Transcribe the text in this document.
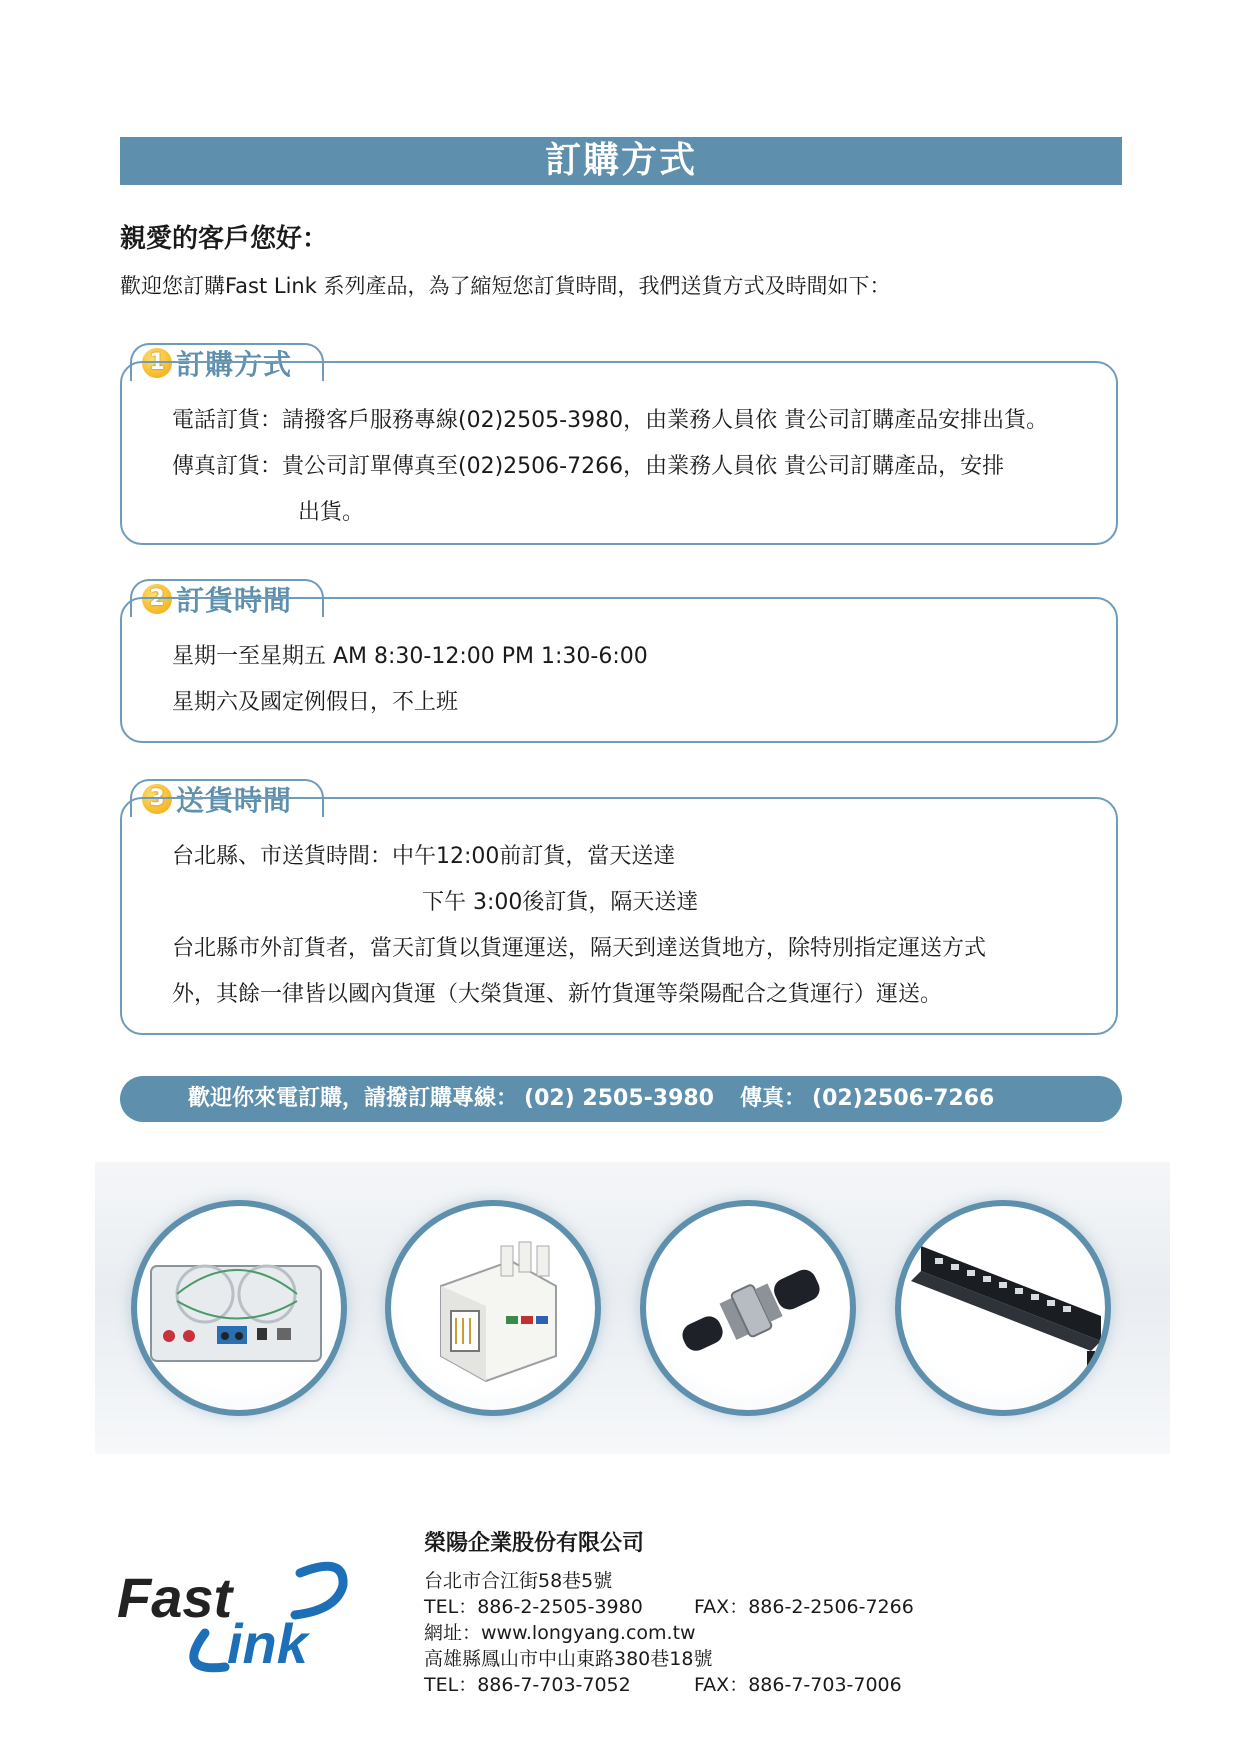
訂購方式
親愛的客戶您好：
歡迎您訂購Fast Link 系列產品，為了縮短您訂貨時間，我們送貨方式及時間如下：
1 訂購方式
電話訂貨：請撥客戶服務專線(02)2505-3980，由業務人員依 貴公司訂購產品安排出貨。
傳真訂貨：貴公司訂單傳真至(02)2506-7266，由業務人員依 貴公司訂購產品，安排
出貨。
2 訂貨時間
星期一至星期五 AM 8:30-12:00 PM 1:30-6:00
星期六及國定例假日，不上班
3 送貨時間
台北縣、市送貨時間：中午12:00前訂貨，當天送達
下午 3:00後訂貨，隔天送達
台北縣市外訂貨者，當天訂貨以貨運運送，隔天到達送貨地方，除特別指定運送方式
外，其餘一律皆以國內貨運（大榮貨運、新竹貨運等榮陽配合之貨運行）運送。
歡迎你來電訂購，請撥訂購專線： (02) 2505-3980 傳真： (02)2506-7266
榮陽企業股份有限公司
台北市合江街58巷5號
TEL：886-2-2505-3980	FAX：886-2-2506-7266
網址：www.longyang.com.tw
高雄縣鳳山市中山東路380巷18號
TEL：886-7-703-7052	FAX：886-7-703-7006
Fast
ink
